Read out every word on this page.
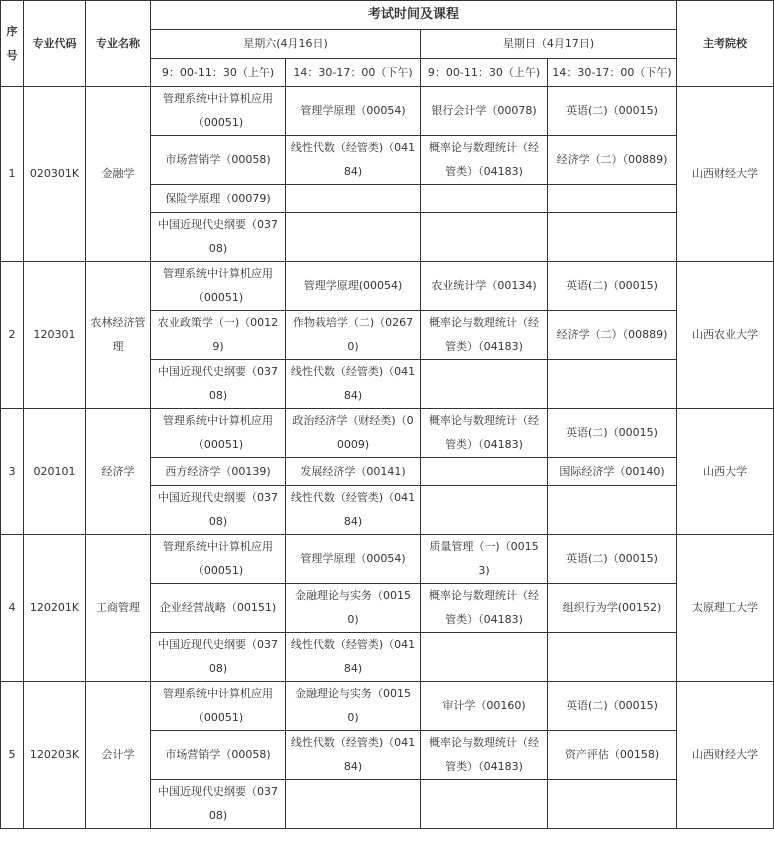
序号	专业代码	专业名称	考试时间及课程				主考院校
			星期六(4月16日)		星期日（4月17日)		
			9：00-11：30（上午)	14：30-17：00（下午)	9：00-11：30（上午)	14：30-17：00（下午)	
1	020301K	金融学	管理系统中计算机应用（00051)	管理学原理（00054)	银行会计学（00078)	英语(二)（00015)	山西财经大学
			市场营销学（00058)	线性代数（经管类)（04184)	概率论与数理统计（经管类）（04183)	经济学（二）（00889)	
			保险学原理（00079)				
			中国近现代史纲要（03708)				
2	120301	农林经济管理	管理系统中计算机应用（00051)	管理学原理(00054)	农业统计学（00134)	英语(二)（00015)	山西农业大学
			农业政策学（一)（00129)	作物栽培学（二)（02670)	概率论与数理统计（经管类）（04183)	经济学（二）（00889)	
			中国近现代史纲要（03708)	线性代数（经管类)（04184)			
3	020101	经济学	管理系统中计算机应用（00051)	政治经济学（财经类)（00009)	概率论与数理统计（经管类）（04183)	英语(二)（00015)	山西大学
			西方经济学（00139)	发展经济学（00141)		国际经济学（00140)	
			中国近现代史纲要（03708)	线性代数（经管类)（04184)			
4	120201K	工商管理	管理系统中计算机应用（00051)	管理学原理（00054)	质量管理（一)（00153)	英语(二)（00015)	太原理工大学
			企业经营战略（00151)	金融理论与实务（00150)	概率论与数理统计（经管类）（04183)	组织行为学(00152)	
			中国近现代史纲要（03708)	线性代数（经管类)（04184)			
5	120203K	会计学	管理系统中计算机应用（00051)	金融理论与实务（00150)	审计学（00160)	英语(二)（00015)	山西财经大学
			市场营销学（00058)	线性代数（经管类)（04184)	概率论与数理统计（经管类）（04183)	资产评估（00158)	
			中国近现代史纲要（03708)				
